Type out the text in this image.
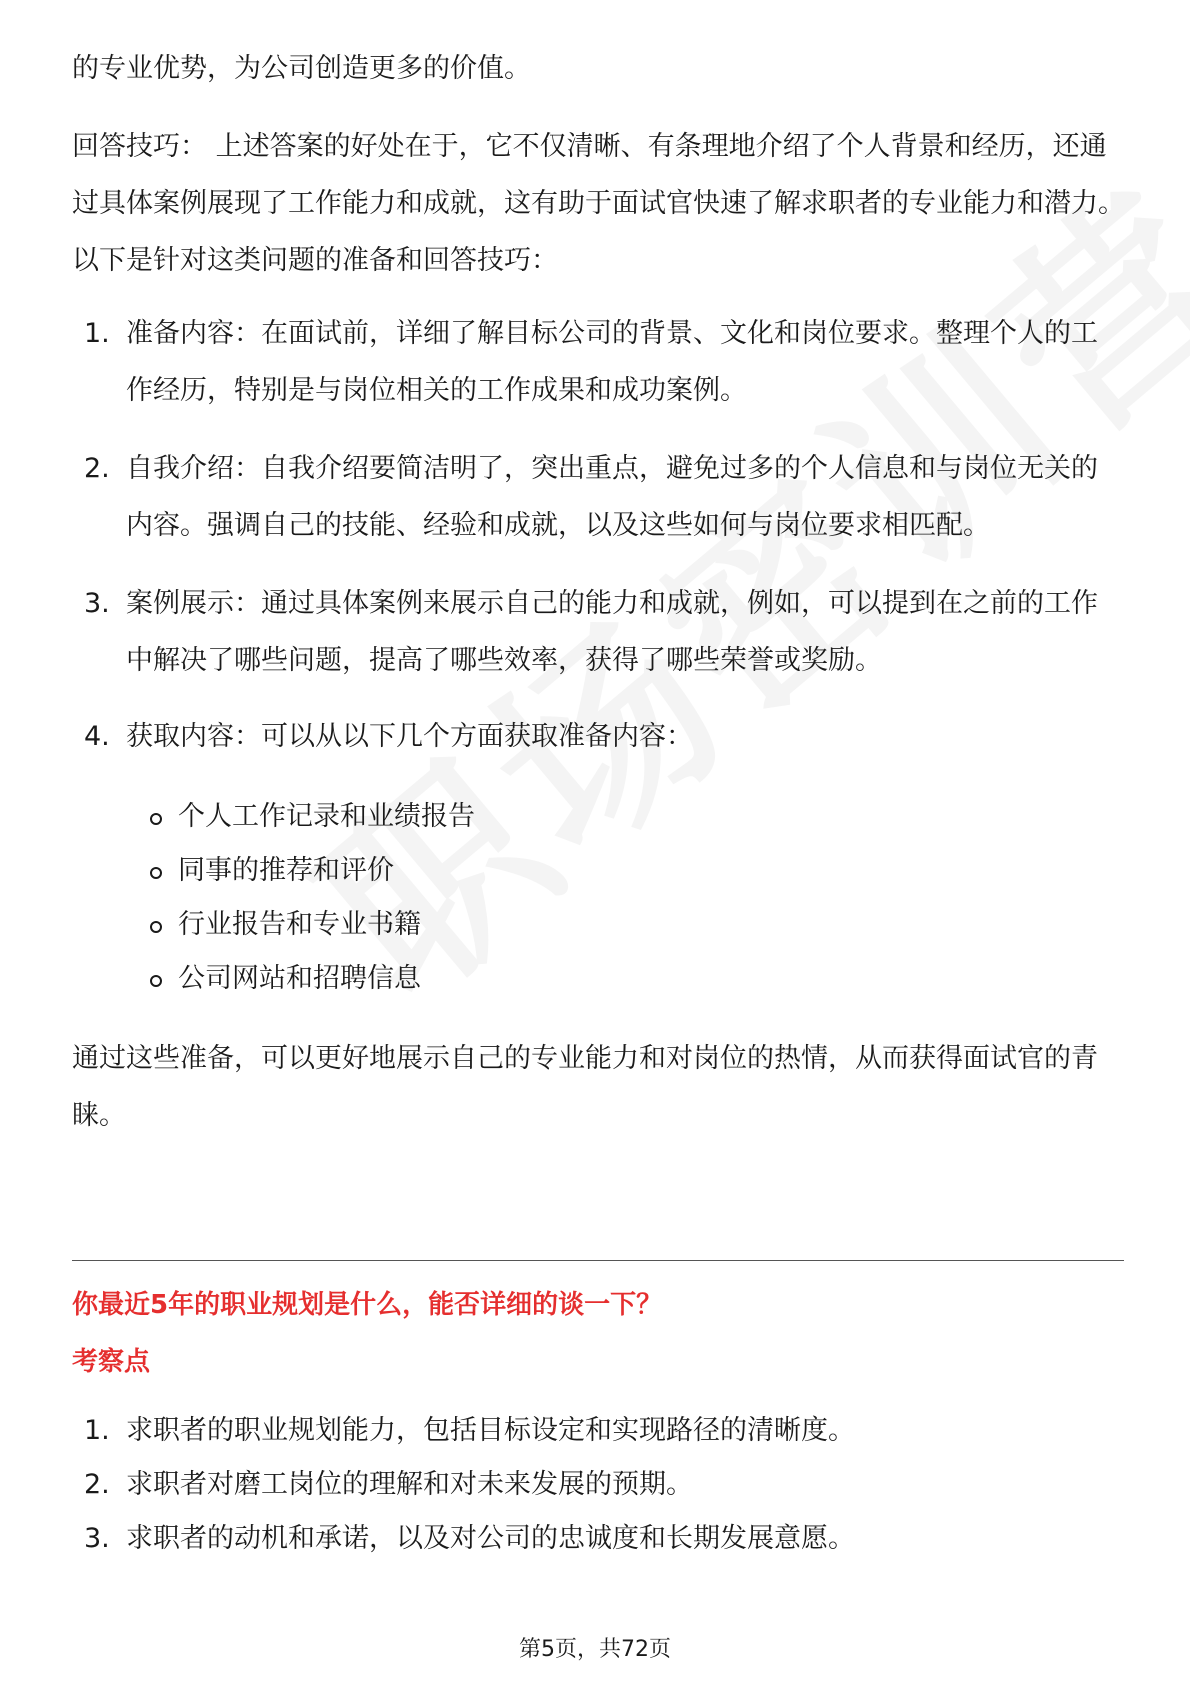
的专业优势，为公司创造更多的价值。

回答技巧： 上述答案的好处在于，它不仅清晰、有条理地介绍了个人背景和经历，还通过具体案例展现了工作能力和成就，这有助于面试官快速了解求职者的专业能力和潜力。以下是针对这类问题的准备和回答技巧：

1. 准备内容：在面试前，详细了解目标公司的背景、文化和岗位要求。整理个人的工作经历，特别是与岗位相关的工作成果和成功案例。
2. 自我介绍：自我介绍要简洁明了，突出重点，避免过多的个人信息和与岗位无关的内容。强调自己的技能、经验和成就，以及这些如何与岗位要求相匹配。
3. 案例展示：通过具体案例来展示自己的能力和成就，例如，可以提到在之前的工作中解决了哪些问题，提高了哪些效率，获得了哪些荣誉或奖励。
4. 获取内容：可以从以下几个方面获取准备内容：
个人工作记录和业绩报告
同事的推荐和评价
行业报告和专业书籍
公司网站和招聘信息

通过这些准备，可以更好地展示自己的专业能力和对岗位的热情，从而获得面试官的青睐。

你最近5年的职业规划是什么，能否详细的谈一下？
考察点
1. 求职者的职业规划能力，包括目标设定和实现路径的清晰度。
2. 求职者对磨工岗位的理解和对未来发展的预期。
3. 求职者的动机和承诺，以及对公司的忠诚度和长期发展意愿。
第5页，共72页
